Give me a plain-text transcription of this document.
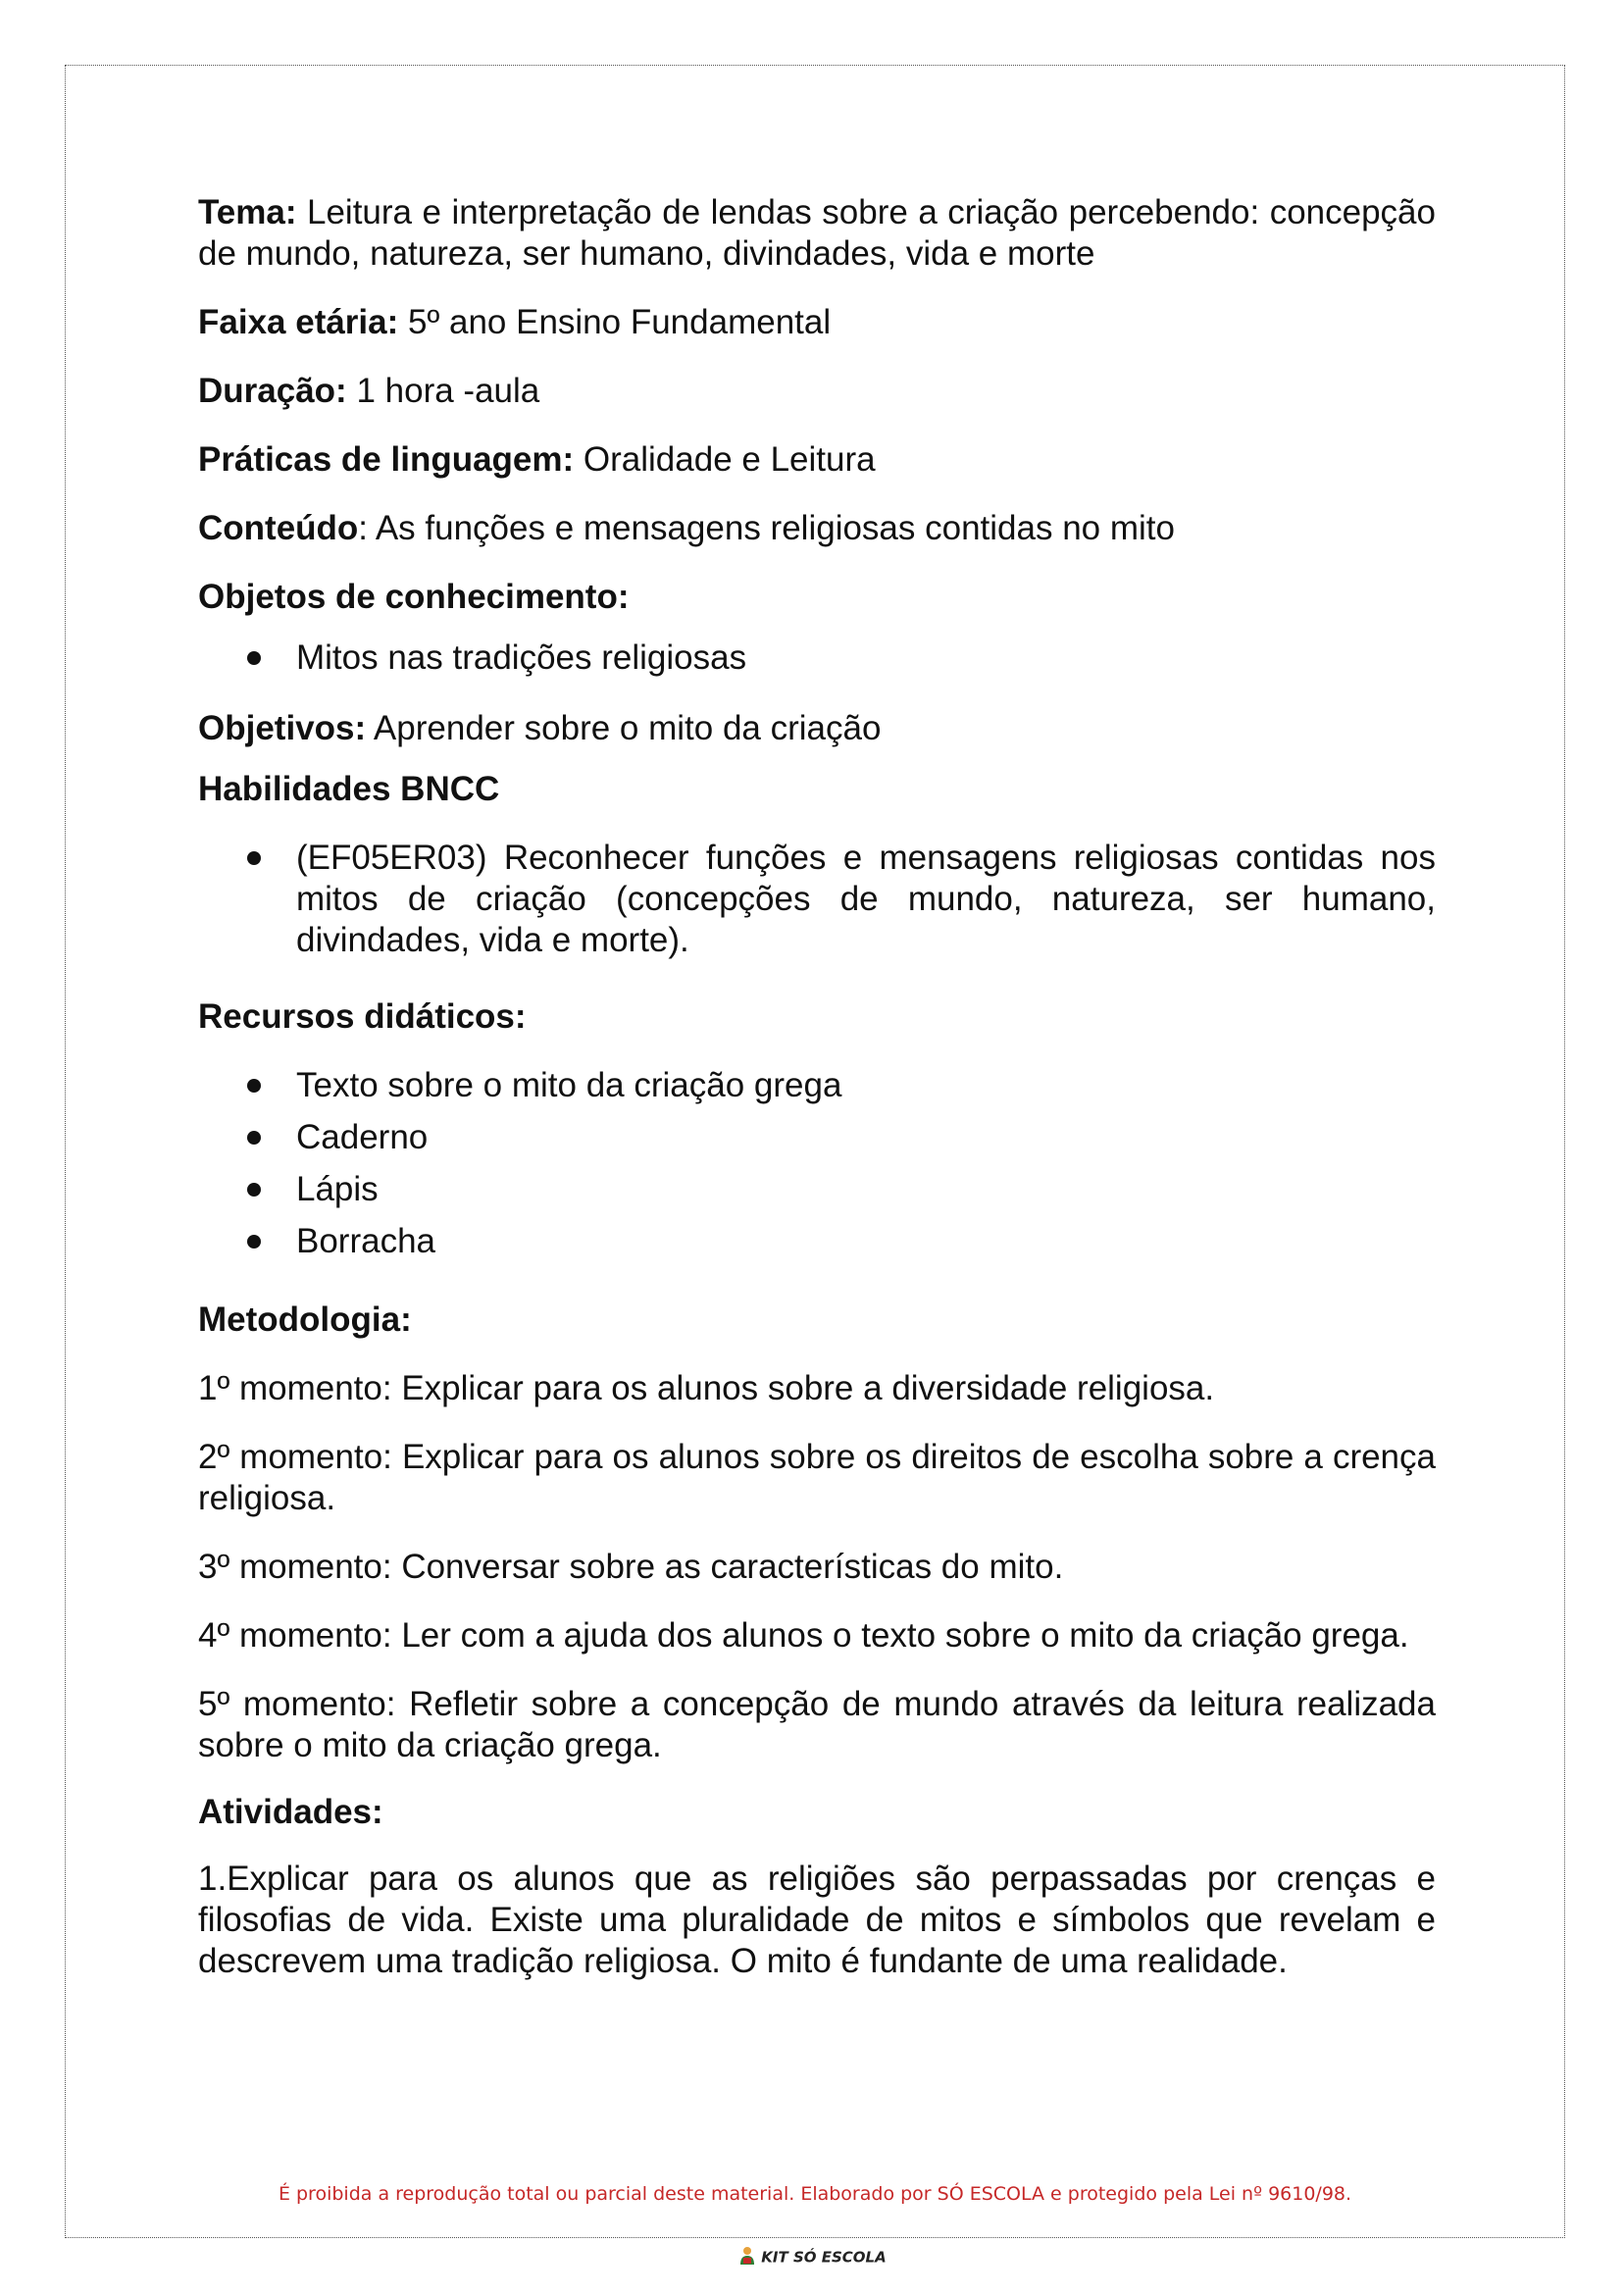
Tema: Leitura e interpretação de lendas sobre a criação percebendo: concepção de mundo, natureza, ser humano, divindades, vida e morte

Faixa etária: 5º ano Ensino Fundamental

Duração: 1 hora -aula

Práticas de linguagem: Oralidade e Leitura

Conteúdo: As funções e mensagens religiosas contidas no mito

Objetos de conhecimento:

Mitos nas tradições religiosas

Objetivos: Aprender sobre o mito da criação

Habilidades BNCC

(EF05ER03) Reconhecer funções e mensagens religiosas contidas nos mitos de criação (concepções de mundo, natureza, ser humano, divindades, vida e morte).

Recursos didáticos:

Texto sobre o mito da criação grega
Caderno
Lápis
Borracha

Metodologia:

1º momento: Explicar para os alunos sobre a diversidade religiosa.

2º momento: Explicar para os alunos sobre os direitos de escolha sobre a crença religiosa.

3º momento: Conversar sobre as características do mito.

4º momento: Ler com a ajuda dos alunos o texto sobre o mito da criação grega.

5º momento: Refletir sobre a concepção de mundo através da leitura realizada sobre o mito da criação grega.

Atividades:

1.Explicar para os alunos que as religiões são perpassadas por crenças e filosofias de vida. Existe uma pluralidade de mitos e símbolos que revelam e descrevem uma tradição religiosa. O mito é fundante de uma realidade.

É proibida a reprodução total ou parcial deste material. Elaborado por SÓ ESCOLA e protegido pela Lei nº 9610/98.
KIT SÓ ESCOLA
